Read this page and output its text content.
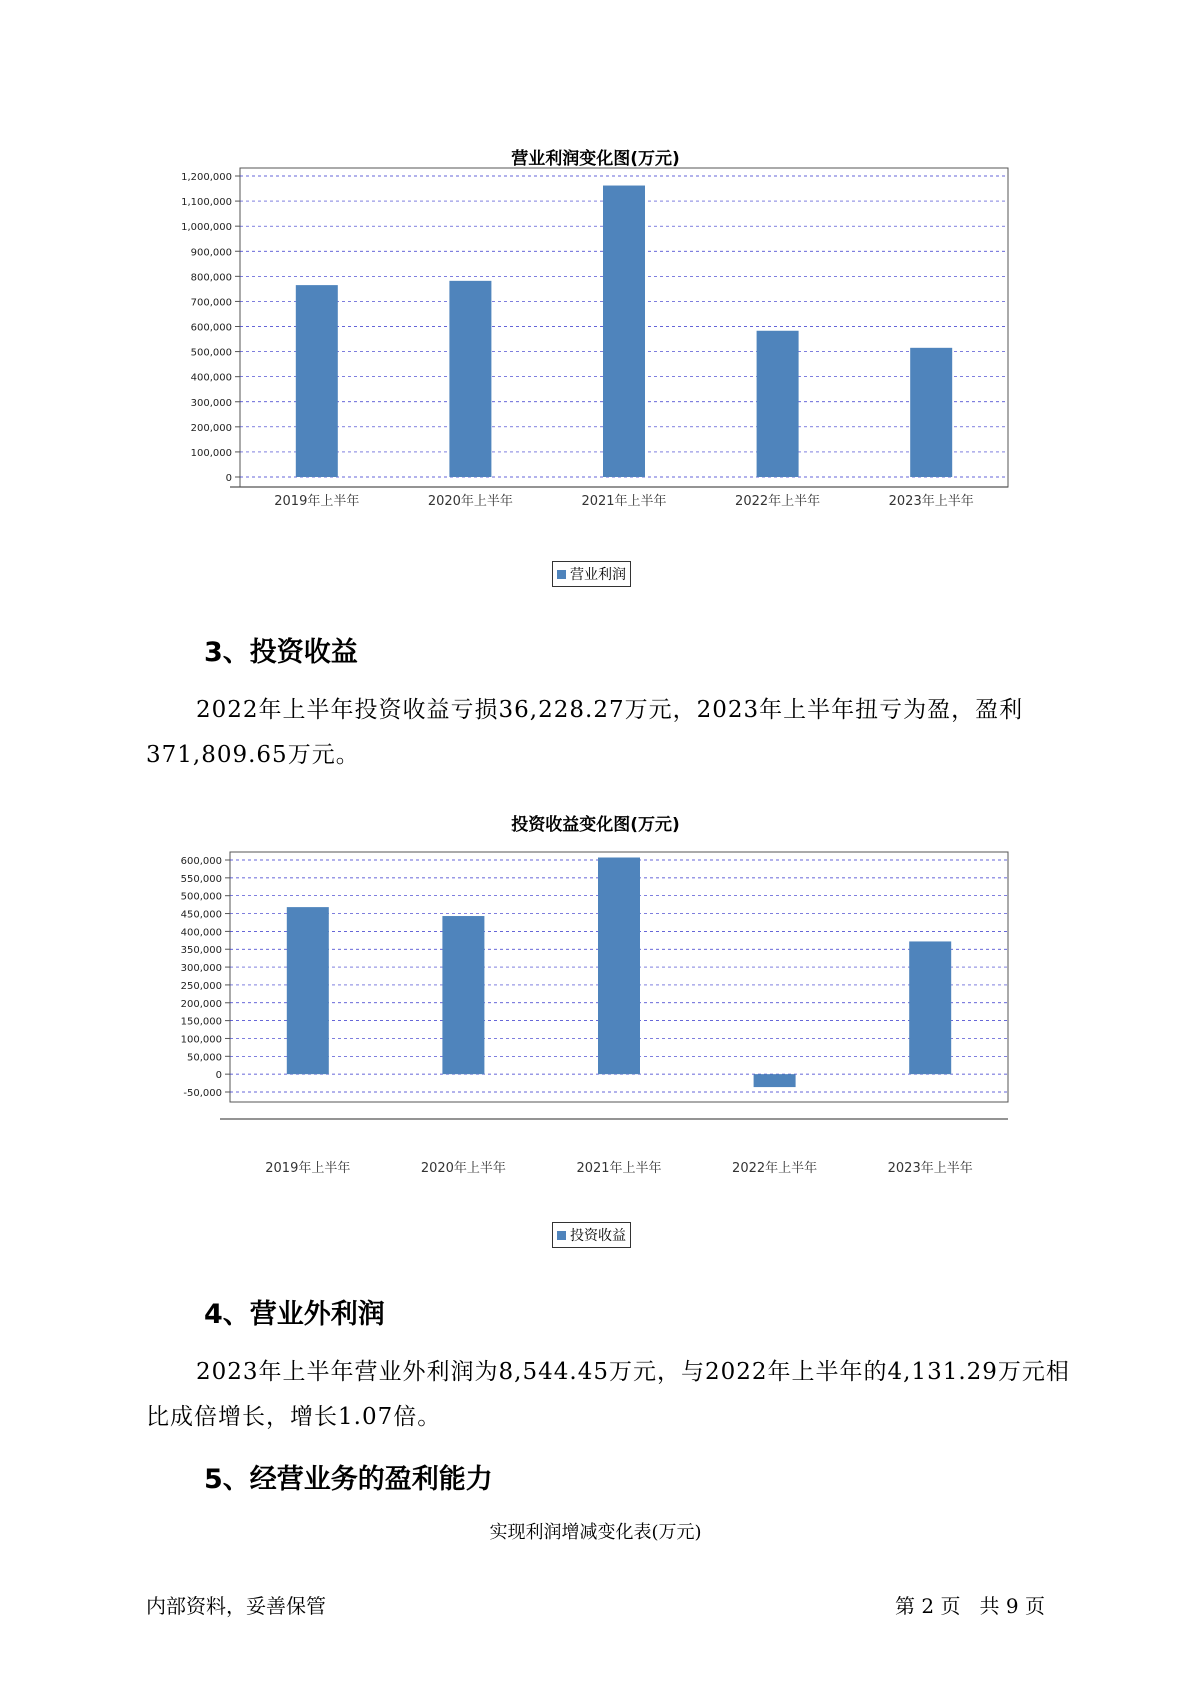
营业利润变化图(万元)
0
100,000
200,000
300,000
400,000
500,000
600,000
700,000
800,000
900,000
1,000,000
1,100,000
1,200,000
2019年上半年	2020年上半年	2021年上半年	2022年上半年	2023年上半年
营业利润
3、投资收益
2022年上半年投资收益亏损36,228.27万元，2023年上半年扭亏为盈，盈利371,809.65万元。
投资收益变化图(万元)
-50,000
0
50,000
100,000
150,000
200,000
250,000
300,000
350,000
400,000
450,000
500,000
550,000
600,000
2019年上半年	2020年上半年	2021年上半年	2022年上半年	2023年上半年
投资收益
4、营业外利润
2023年上半年营业外利润为8,544.45万元，与2022年上半年的4,131.29万元相比成倍增长，增长1.07倍。
5、经营业务的盈利能力
实现利润增减变化表(万元)
内部资料，妥善保管	第 2 页   共 9 页
